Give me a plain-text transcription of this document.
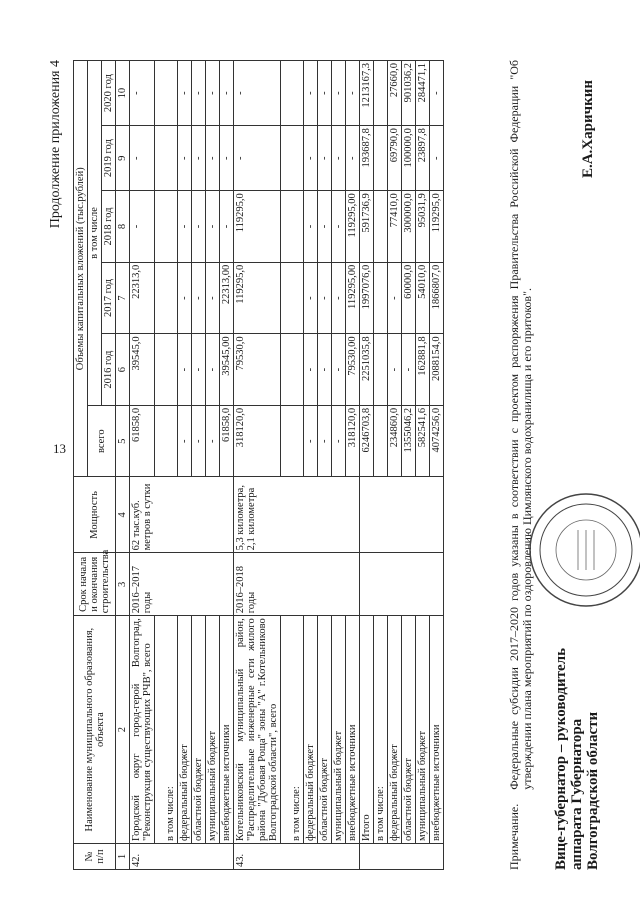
13
Продолжение приложения 4
№ п/п	Наименование муниципального образования, объекта	Срок начала и окончания строительства	Мощность	Объемы капитальных вложений (тыс.рублей)					
				всего	в том числе				
					2016 год	2017 год	2018 год	2019 год	2020 год
1	2	3	4	5	6	7	8	9	10
42.	Городской округ город-герой Волгоград, "Реконструкция существующих РЧВ", всего	2016–2017 годы	62 тыс.куб. метров в сутки	61858,0	39545,0	22313,0	-	-	-
	в том числе:								
	федеральный бюджет			-	-	-	-	-	-
	областной бюджет			-	-	-	-	-	-
	муниципальный бюджет			-	-	-	-	-	-
	внебюджетные источники			61858,0	39545,00	22313,00	-	-	-
43.	Котельниковский муниципальный район, "Распределительные инженерные сети жилого района "Дубовая Роща" зоны "А" г.Котельниково Волгоградской области", всего	2016–2018 годы	5,3 километра, 2,1 километра	318120,0	79530,0	119295,0	119295,0	-	-
	в том числе:								
	федеральный бюджет			-	-	-	-	-	-
	областной бюджет			-	-	-	-	-	-
	муниципальный бюджет			-	-	-	-	-	-
	внебюджетные источники			318120,0	79530,00	119295,00	119295,00	-	-
	Итого			6246703,8	2251035,8	1997076,0	591736,9	193687,8	1213167,3
	в том числе:								
	федеральный бюджет			234860,0	-	-	77410,0	69790,0	27660,0
	областной бюджет			1355046,2	-	60000,0	300000,0	100000,0	901036,2
	муниципальный бюджет			582541,6	162881,8	54010,0	95031,9	23897,8	284471,1
	внебюджетные источники			4074256,0	2088154,0	1866807,0	119295,0	-	-
Примечание.
Федеральные субсидии 2017–2020 годов указаны в соответствии с проектом распоряжения Правительства Российской Федерации "Об утверждении плана мероприятий по оздоровлению Цимлянского водохранилища и его притоков". Вице-губернатор – руководитель аппарата Губернатора Волгоградской области
Е.А.Харичкин
